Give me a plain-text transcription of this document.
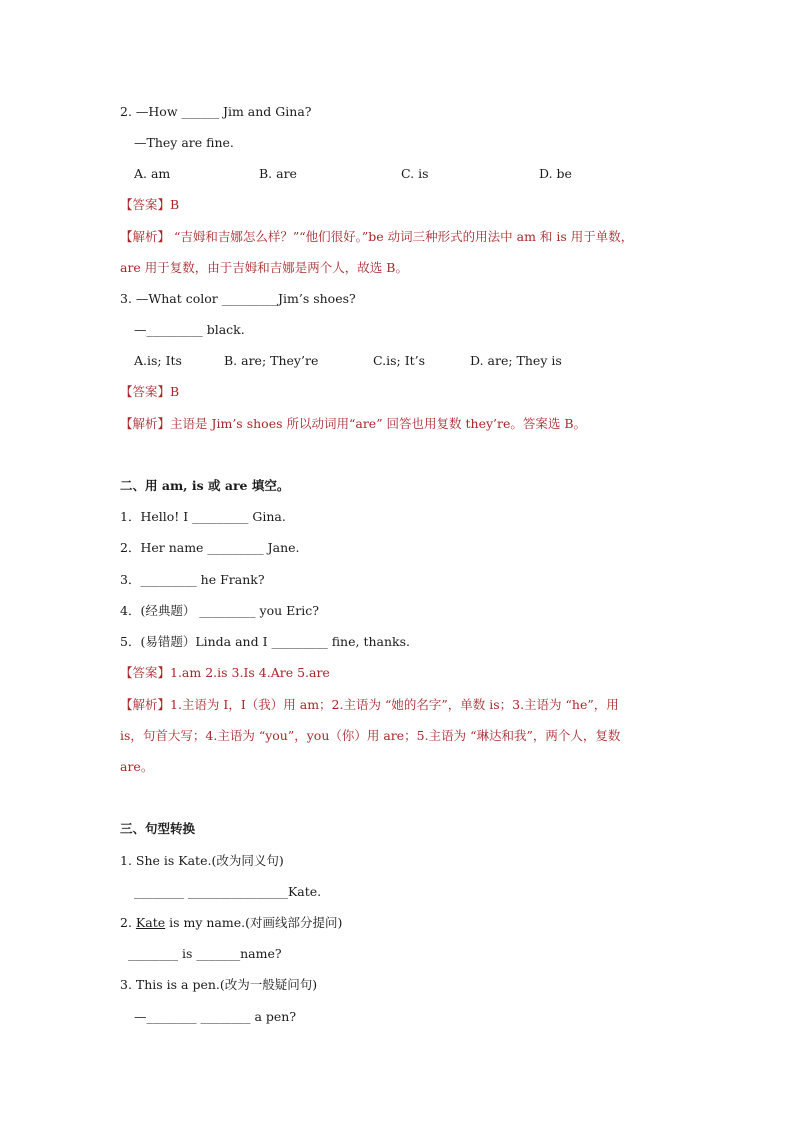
2. —How ______ Jim and Gina?
—They are fine.
A. am	B. are	C. is	D. be
【答案】B
【解析】 “吉姆和吉娜怎么样？”“他们很好。”be 动词三种形式的用法中 am 和 is 用于单数，
are 用于复数，由于吉姆和吉娜是两个人，故选 B。
3. —What color _________Jim’s shoes?
—_________ black.
A.is; Its	B. are; They’re	C.is; It’s	D. are; They is
【答案】B
【解析】主语是 Jim’s shoes 所以动词用“are” 回答也用复数 they’re。答案选 B。
二、用 am, is 或 are 填空。
1．Hello! I _________ Gina.
2．Her name _________ Jane.
3．_________ he Frank?
4．(经典题） _________ you Eric?
5．(易错题）Linda and I _________ fine, thanks.
【答案】1.am 2.is 3.Is 4.Are 5.are
【解析】1.主语为 I，I（我）用 am；2.主语为 “她的名字”，单数 is；3.主语为 “he”，用
is，句首大写；4.主语为 “you”，you（你）用 are；5.主语为 “琳达和我”，两个人，复数
are。
三、句型转换
1. She is Kate.(改为同义句)
________ ________________Kate.
2. Kate is my name.(对画线部分提问)
________ is _______name?
3. This is a pen.(改为一般疑问句)
—________ ________ a pen?
